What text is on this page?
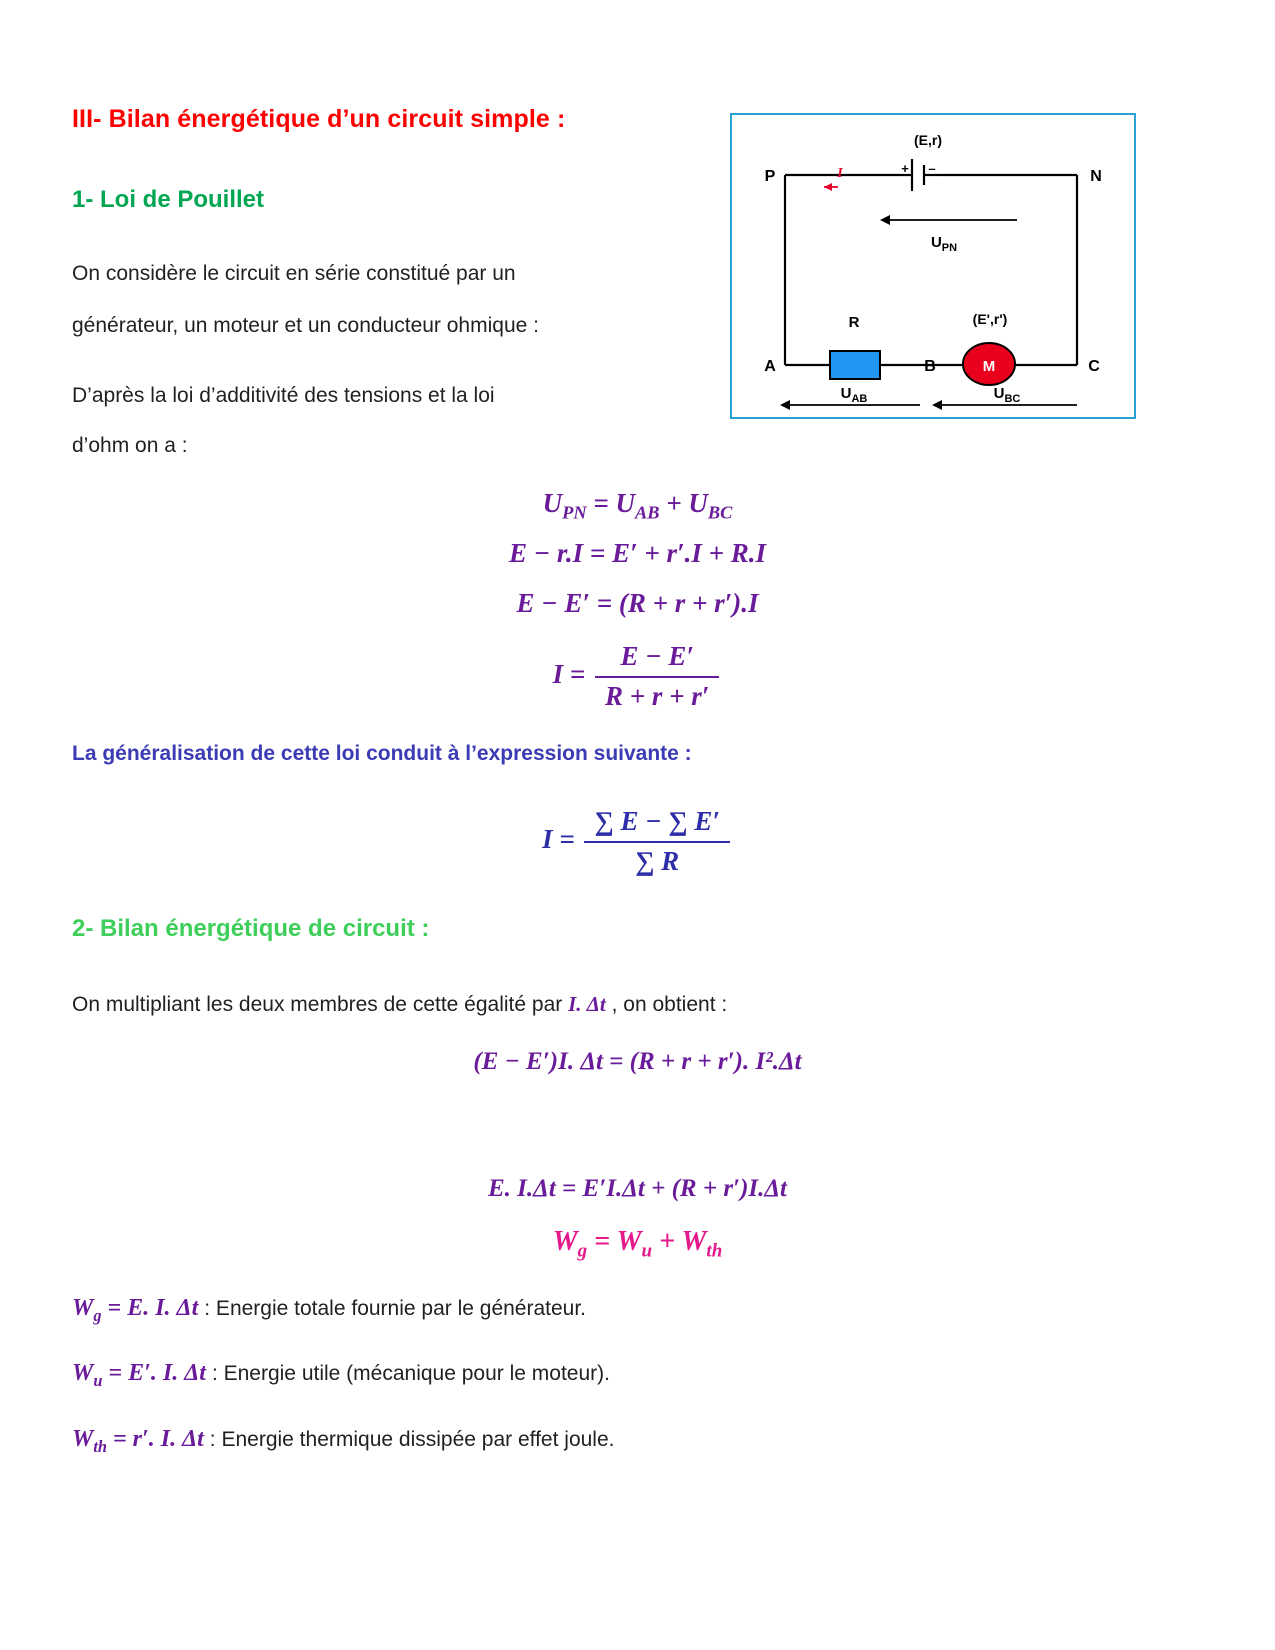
III- Bilan énergétique d’un circuit simple :
1- Loi de Pouillet
On considère le circuit en série constitué par un
générateur, un moteur et un conducteur ohmique :
D’après la loi d’additivité des tensions et la loi
d’ohm on a :
$U_{PN} = U_{AB} + U_{BC}$
E − r.I = E′ + r′.I + R.I
E − E′ = (R + r + r′).I
$I = \frac{E - E'}{R + r + r'}$
La généralisation de cette loi conduit à l’expression suivante :
$I = \frac{\sum E - \sum E'}{\sum R}$
2- Bilan énergétique de circuit :
On multipliant les deux membres de cette égalité par I. Δt , on obtient :
(E − E′)I. Δt = (R + r + r′). I².Δt
E. I.Δt = E′I.Δt + (R + r′)I.Δt
$W_g = W_u + W_{th}$
$W_g = E$. I. Δt : Energie totale fournie par le générateur.
$W_u = E'$. I. Δt : Energie utile (mécanique pour le moteur).
$W_{th} = r'$. I. Δt : Energie thermique dissipée par effet joule.
M
P	N
A	B	C
(E,r)
+ –
(E',r')
R
I
$U_{PN}$
$U_{AB}$	$U_{BC}$
